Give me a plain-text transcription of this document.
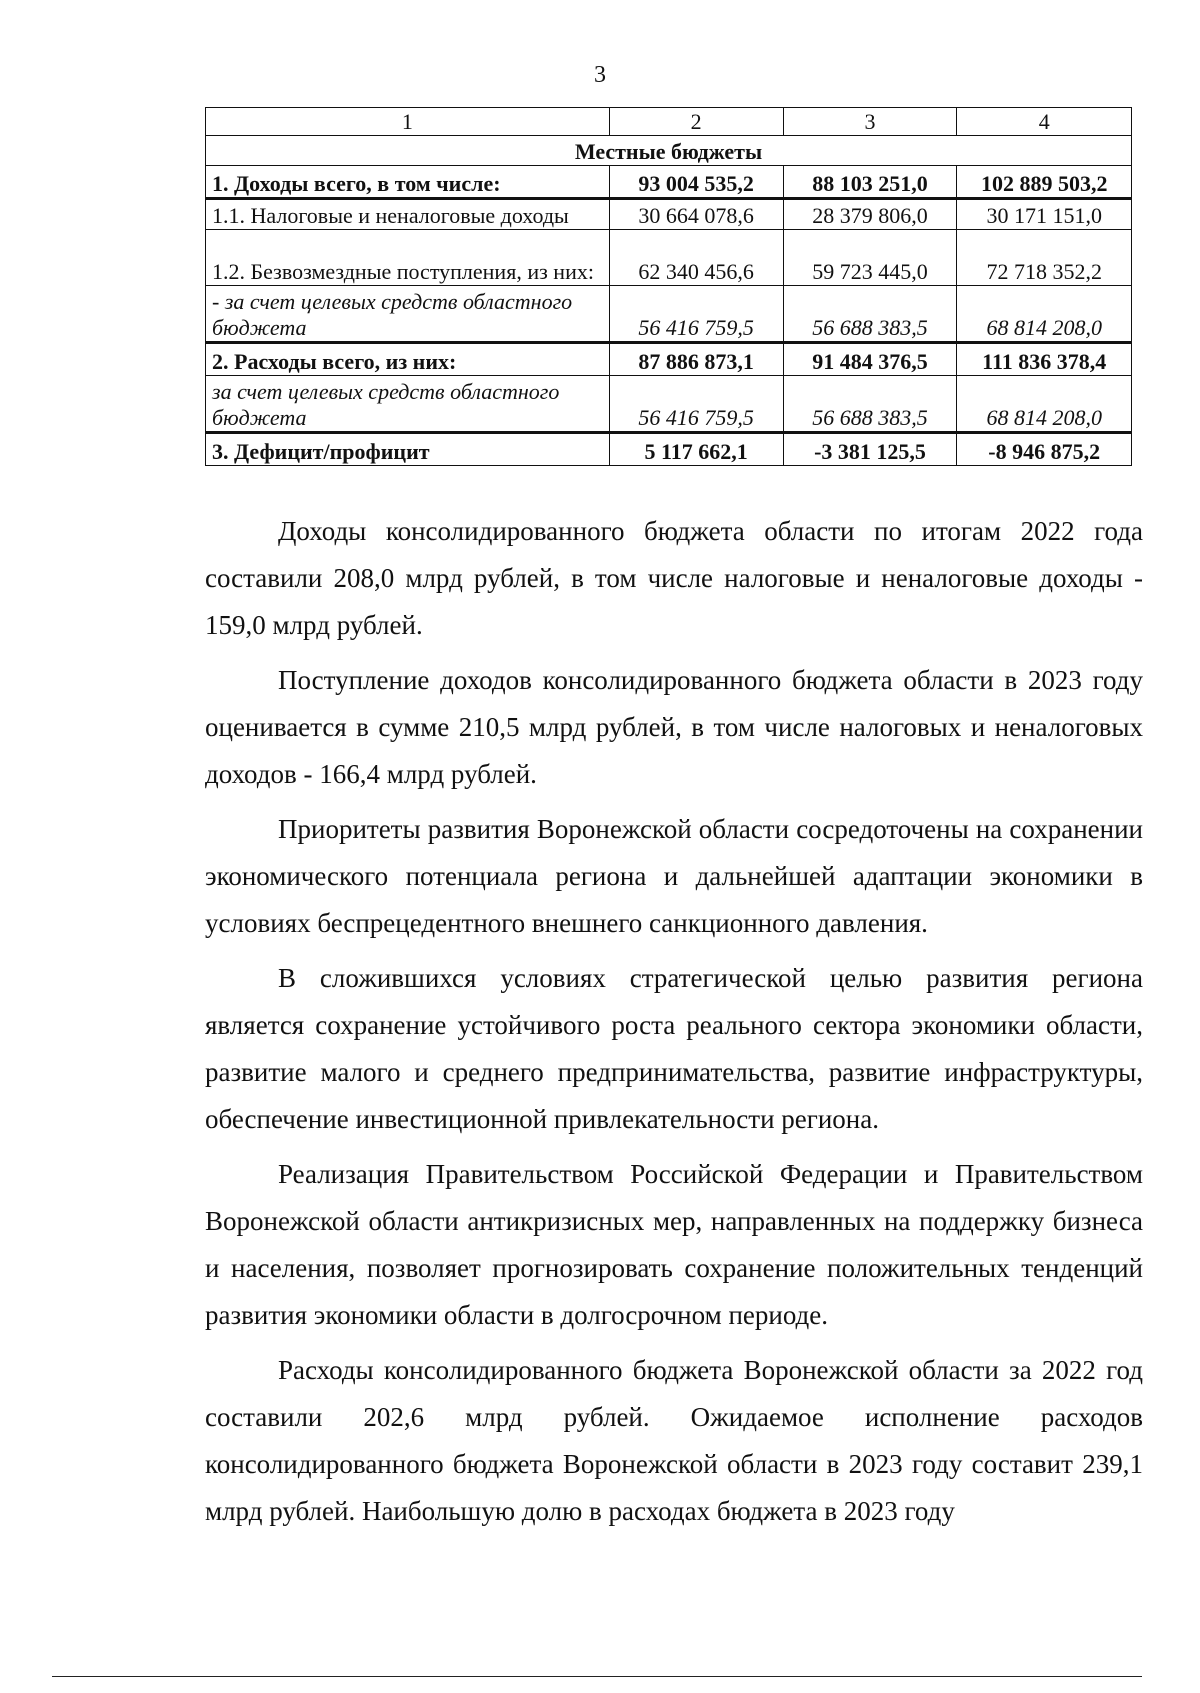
3
1	2	3	4
Местные бюджеты			
1. Доходы всего, в том числе:	93 004 535,2	88 103 251,0	102 889 503,2
1.1. Налоговые и неналоговые доходы	30 664 078,6	28 379 806,0	30 171 151,0
1.2. Безвозмездные поступления, из них:	62 340 456,6	59 723 445,0	72 718 352,2
- за счет целевых средств областного бюджета	56 416 759,5	56 688 383,5	68 814 208,0
2. Расходы всего, из них:	87 886 873,1	91 484 376,5	111 836 378,4
за счет целевых средств областного бюджета	56 416 759,5	56 688 383,5	68 814 208,0
3. Дефицит/профицит	5 117 662,1	-3 381 125,5	-8 946 875,2

Доходы консолидированного бюджета области по итогам 2022 года составили 208,0 млрд рублей, в том числе налоговые и неналоговые доходы - 159,0 млрд рублей.

Поступление доходов консолидированного бюджета области в 2023 году оценивается в сумме 210,5 млрд рублей, в том числе налоговых и неналоговых доходов - 166,4 млрд рублей.

Приоритеты развития Воронежской области сосредоточены на сохранении экономического потенциала региона и дальнейшей адаптации экономики в условиях беспрецедентного внешнего санкционного давления.

В сложившихся условиях стратегической целью развития региона является сохранение устойчивого роста реального сектора экономики области, развитие малого и среднего предпринимательства, развитие инфраструктуры, обеспечение инвестиционной привлекательности региона.

Реализация Правительством Российской Федерации и Правительством Воронежской области антикризисных мер, направленных на поддержку бизнеса и населения, позволяет прогнозировать сохранение положительных тенденций развития экономики области в долгосрочном периоде.

Расходы консолидированного бюджета Воронежской области за 2022 год составили 202,6 млрд рублей. Ожидаемое исполнение расходов консолидированного бюджета Воронежской области в 2023 году составит 239,1 млрд рублей. Наибольшую долю в расходах бюджета в 2023 году
